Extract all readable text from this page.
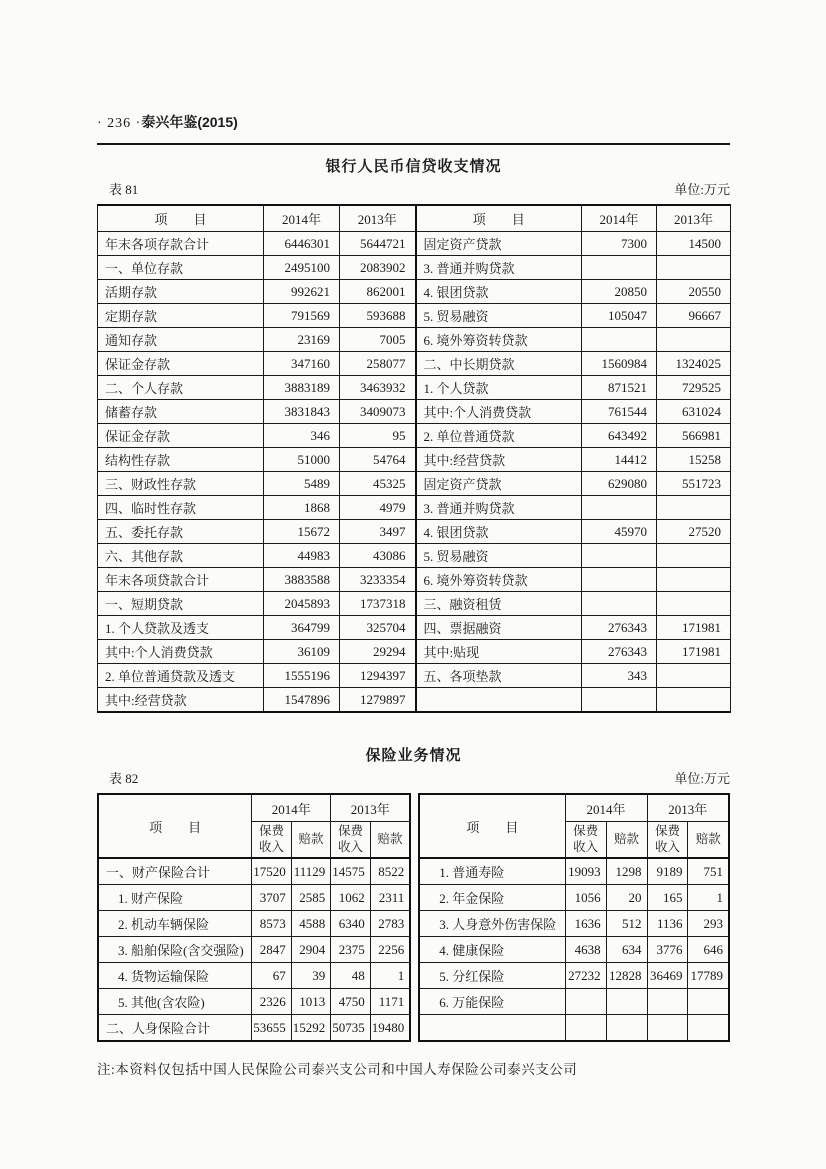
· 236 · 泰兴年鉴(2015)
银行人民币信贷收支情况
表 81	单位:万元
项　　目	2014年	2013年	项　　目	2014年	2013年
年末各项存款合计	6446301	5644721	固定资产贷款	7300	14500
一、单位存款	2495100	2083902	3. 普通并购贷款		
活期存款	992621	862001	4. 银团贷款	20850	20550
定期存款	791569	593688	5. 贸易融资	105047	96667
通知存款	23169	7005	6. 境外筹资转贷款		
保证金存款	347160	258077	二、中长期贷款	1560984	1324025
二、个人存款	3883189	3463932	1. 个人贷款	871521	729525
储蓄存款	3831843	3409073	其中:个人消费贷款	761544	631024
保证金存款	346	95	2. 单位普通贷款	643492	566981
结构性存款	51000	54764	其中:经营贷款	14412	15258
三、财政性存款	5489	45325	固定资产贷款	629080	551723
四、临时性存款	1868	4979	3. 普通并购贷款		
五、委托存款	15672	3497	4. 银团贷款	45970	27520
六、其他存款	44983	43086	5. 贸易融资		
年末各项贷款合计	3883588	3233354	6. 境外筹资转贷款		
一、短期贷款	2045893	1737318	三、融资租赁		
1. 个人贷款及透支	364799	325704	四、票据融资	276343	171981
其中:个人消费贷款	36109	29294	其中:贴现	276343	171981
2. 单位普通贷款及透支	1555196	1294397	五、各项垫款	343	
其中:经营贷款	1547896	1279897			
保险业务情况
表 82	单位:万元
项　　目	2014年		2013年	
	保费收入	赔款	保费收入	赔款
一、财产保险合计	17520	11129	14575	8522
1. 财产保险	3707	2585	1062	2311
2. 机动车辆保险	8573	4588	6340	2783
3. 船舶保险(含交强险)	2847	2904	2375	2256
4. 货物运输保险	67	39	48	1
5. 其他(含农险)	2326	1013	4750	1171
二、人身保险合计	53655	15292	50735	19480
项　　目	2014年		2013年	
	保费收入	赔款	保费收入	赔款
1. 普通寿险	19093	1298	9189	751
2. 年金保险	1056	20	165	1
3. 人身意外伤害保险	1636	512	1136	293
4. 健康保险	4638	634	3776	646
5. 分红保险	27232	12828	36469	17789
6. 万能保险				

注:本资料仅包括中国人民保险公司泰兴支公司和中国人寿保险公司泰兴支公司
